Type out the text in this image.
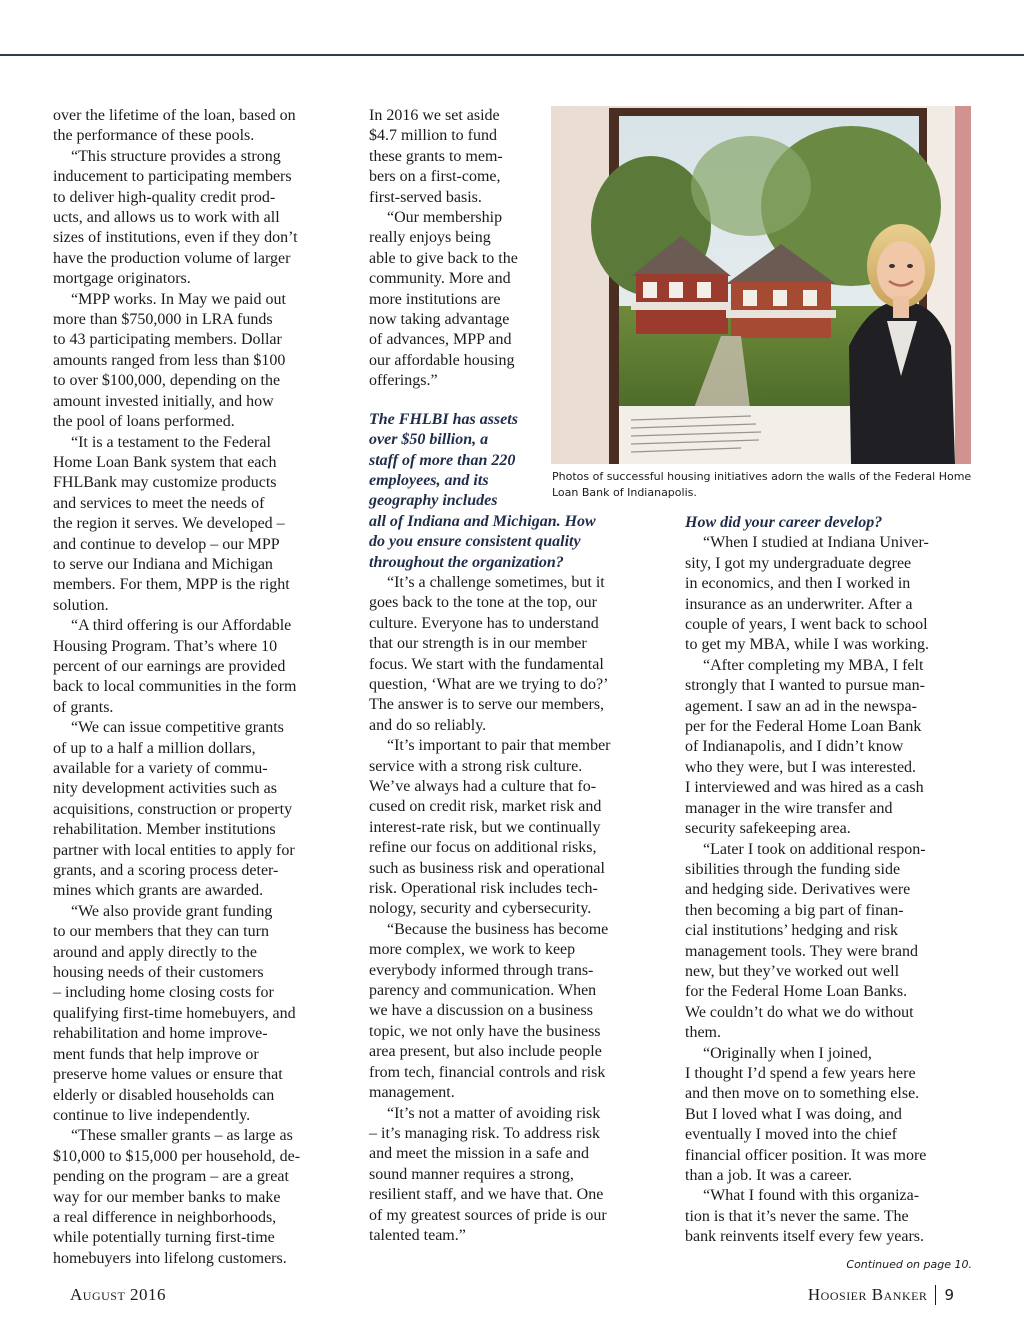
over the lifetime of the loan, based on
the performance of these pools.

“This structure provides a strong
inducement to participating members
to deliver high-quality credit prod-
ucts, and allows us to work with all
sizes of institutions, even if they don’t
have the production volume of larger
mortgage originators.

“MPP works. In May we paid out
more than $750,000 in LRA funds
to 43 participating members. Dollar
amounts ranged from less than $100
to over $100,000, depending on the
amount invested initially, and how
the pool of loans performed.

“It is a testament to the Federal
Home Loan Bank system that each
FHLBank may customize products
and services to meet the needs of
the region it serves. We developed –
and continue to develop – our MPP
to serve our Indiana and Michigan
members. For them, MPP is the right
solution.

“A third offering is our Affordable
Housing Program. That’s where 10
percent of our earnings are provided
back to local communities in the form
of grants.

“We can issue competitive grants
of up to a half a million dollars,
available for a variety of commu-
nity development activities such as
acquisitions, construction or property
rehabilitation. Member institutions
partner with local entities to apply for
grants, and a scoring process deter-
mines which grants are awarded.

“We also provide grant funding
to our members that they can turn
around and apply directly to the
housing needs of their customers
– including home closing costs for
qualifying first-time homebuyers, and
rehabilitation and home improve-
ment funds that help improve or
preserve home values or ensure that
elderly or disabled households can
continue to live independently.

“These smaller grants – as large as
$10,000 to $15,000 per household, de-
pending on the program – are a great
way for our member banks to make
a real difference in neighborhoods,
while potentially turning first-time
homebuyers into lifelong customers.

In 2016 we set aside
$4.7 million to fund
these grants to mem-
bers on a first-come,
first-served basis.

“Our membership
really enjoys being
able to give back to the
community. More and
more institutions are
now taking advantage
of advances, MPP and
our affordable housing
offerings.”

The FHLBI has assets
over $50 billion, a
staff of more than 220
employees, and its
geography includes
all of Indiana and Michigan. How
do you ensure consistent quality
throughout the organization?

“It’s a challenge sometimes, but it
goes back to the tone at the top, our
culture. Everyone has to understand
that our strength is in our member
focus. We start with the fundamental
question, ‘What are we trying to do?’
The answer is to serve our members,
and do so reliably.

“It’s important to pair that member
service with a strong risk culture.
We’ve always had a culture that fo-
cused on credit risk, market risk and
interest-rate risk, but we continually
refine our focus on additional risks,
such as business risk and operational
risk. Operational risk includes tech-
nology, security and cybersecurity.

“Because the business has become
more complex, we work to keep
everybody informed through trans-
parency and communication. When
we have a discussion on a business
topic, we not only have the business
area present, but also include people
from tech, financial controls and risk
management.

“It’s not a matter of avoiding risk
– it’s managing risk. To address risk
and meet the mission in a safe and
sound manner requires a strong,
resilient staff, and we have that. One
of my greatest sources of pride is our
talented team.”

How did your career develop?

“When I studied at Indiana Univer-
sity, I got my undergraduate degree
in economics, and then I worked in
insurance as an underwriter. After a
couple of years, I went back to school
to get my MBA, while I was working.

“After completing my MBA, I felt
strongly that I wanted to pursue man-
agement. I saw an ad in the newspa-
per for the Federal Home Loan Bank
of Indianapolis, and I didn’t know
who they were, but I was interested.
I interviewed and was hired as a cash
manager in the wire transfer and
security safekeeping area.

“Later I took on additional respon-
sibilities through the funding side
and hedging side. Derivatives were
then becoming a big part of finan-
cial institutions’ hedging and risk
management tools. They were brand
new, but they’ve worked out well
for the Federal Home Loan Banks.
We couldn’t do what we do without
them.

“Originally when I joined,
I thought I’d spend a few years here
and then move on to something else.
But I loved what I was doing, and
eventually I moved into the chief
financial officer position. It was more
than a job. It was a career.

“What I found with this organiza-
tion is that it’s never the same. The
bank reinvents itself every few years.

Photos of successful housing initiatives adorn the walls of the Federal Home Loan Bank of Indianapolis.
Continued on page 10.
August 2016	Hoosier Banker 9
